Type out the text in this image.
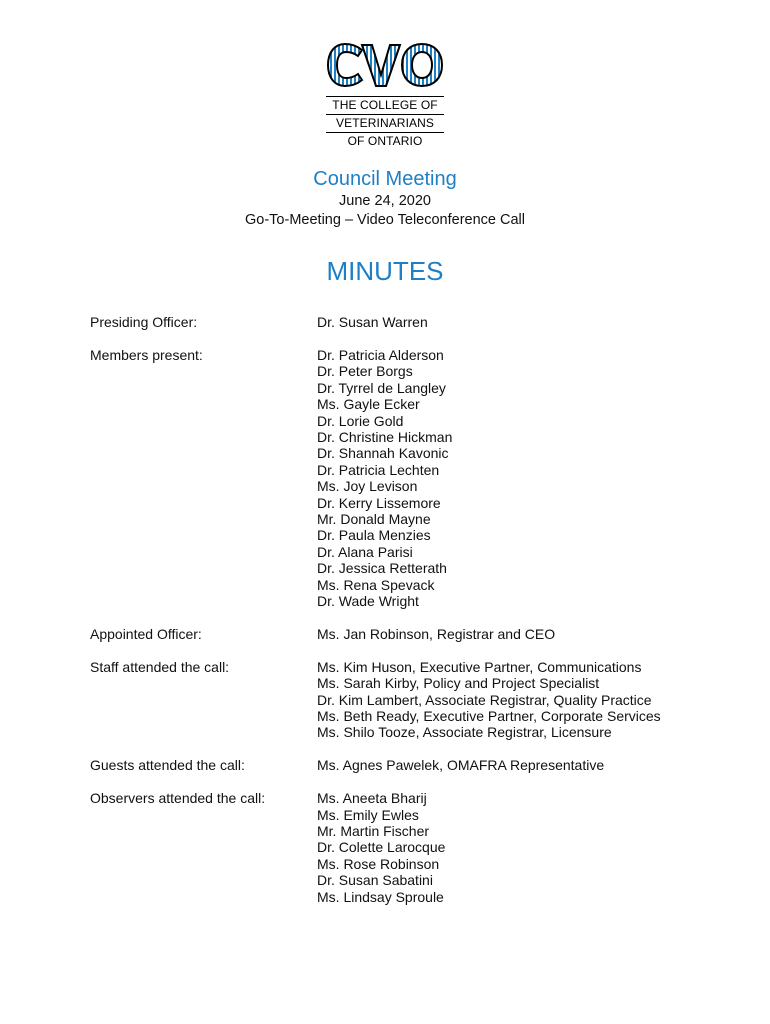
THE COLLEGE OF
VETERINARIANS
OF ONTARIO
Council Meeting
June 24, 2020
Go-To-Meeting – Video Teleconference Call
MINUTES
Presiding Officer:	Dr. Susan Warren
Members present:	Dr. Patricia Alderson
Dr. Peter Borgs
Dr. Tyrrel de Langley
Ms. Gayle Ecker
Dr. Lorie Gold
Dr. Christine Hickman
Dr. Shannah Kavonic
Dr. Patricia Lechten
Ms. Joy Levison
Dr. Kerry Lissemore
Mr. Donald Mayne
Dr. Paula Menzies
Dr. Alana Parisi
Dr. Jessica Retterath
Ms. Rena Spevack
Dr. Wade Wright
Appointed Officer:	Ms. Jan Robinson, Registrar and CEO
Staff attended the call:	Ms. Kim Huson, Executive Partner, Communications
Ms. Sarah Kirby, Policy and Project Specialist
Dr. Kim Lambert, Associate Registrar, Quality Practice
Ms. Beth Ready, Executive Partner, Corporate Services
Ms. Shilo Tooze, Associate Registrar, Licensure
Guests attended the call:	Ms. Agnes Pawelek, OMAFRA Representative
Observers attended the call:	Ms. Aneeta Bharij
Ms. Emily Ewles
Mr. Martin Fischer
Dr. Colette Larocque
Ms. Rose Robinson
Dr. Susan Sabatini
Ms. Lindsay Sproule
